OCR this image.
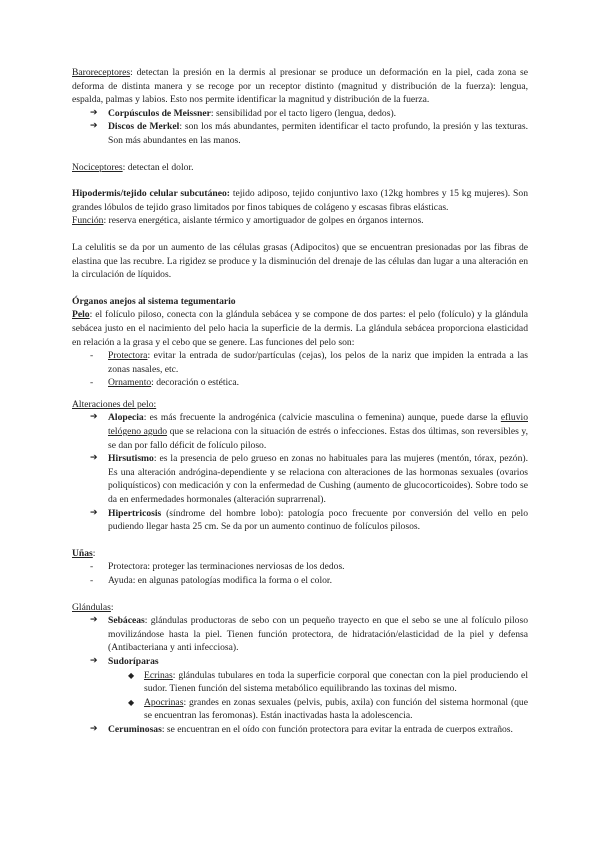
Baroreceptores: detectan la presión en la dermis al presionar se produce un deformación en la piel, cada zona se deforma de distinta manera y se recoge por un receptor distinto (magnitud y distribución de la fuerza): lengua, espalda, palmas y labios. Esto nos permite identificar la magnitud y distribución de la fuerza.

➔ Corpúsculos de Meissner: sensibilidad por el tacto ligero (lengua, dedos).
➔ Discos de Merkel: son los más abundantes, permiten identificar el tacto profundo, la presión y las texturas. Son más abundantes en las manos.

Nociceptores: detectan el dolor.

Hipodermis/tejido celular subcutáneo: tejido adiposo, tejido conjuntivo laxo (12kg hombres y 15 kg mujeres). Son grandes lóbulos de tejido graso limitados por finos tabiques de colágeno y escasas fibras elásticas.

Función: reserva energética, aislante térmico y amortiguador de golpes en órganos internos.

La celulitis se da por un aumento de las células grasas (Adipocitos) que se encuentran presionadas por las fibras de elastina que las recubre. La rigidez se produce y la disminución del drenaje de las células dan lugar a una alteración en la circulación de líquidos.

Órganos anejos al sistema tegumentario

Pelo: el folículo piloso, conecta con la glándula sebácea y se compone de dos partes: el pelo (folículo) y la glándula sebácea justo en el nacimiento del pelo hacia la superficie de la dermis. La glándula sebácea proporciona elasticidad en relación a la grasa y el cebo que se genere. Las funciones del pelo son:

- Protectora: evitar la entrada de sudor/partículas (cejas), los pelos de la nariz que impiden la entrada a las zonas nasales, etc.
- Ornamento: decoración o estética.

Alteraciones del pelo:

➔ Alopecia: es más frecuente la androgénica (calvicie masculina o femenina) aunque, puede darse la efluvio telógeno agudo que se relaciona con la situación de estrés o infecciones. Estas dos últimas, son reversibles y, se dan por fallo déficit de folículo piloso.
➔ Hirsutismo: es la presencia de pelo grueso en zonas no habituales para las mujeres (mentón, tórax, pezón). Es una alteración andrógina-dependiente y se relaciona con alteraciones de las hormonas sexuales (ovarios poliquísticos) con medicación y con la enfermedad de Cushing (aumento de glucocorticoides). Sobre todo se da en enfermedades hormonales (alteración suprarrenal).
➔ Hipertricosis (síndrome del hombre lobo): patología poco frecuente por conversión del vello en pelo pudiendo llegar hasta 25 cm. Se da por un aumento continuo de folículos pilosos.

Uñas:

- Protectora: proteger las terminaciones nerviosas de los dedos.
- Ayuda: en algunas patologías modifica la forma o el color.

Glándulas:

➔ Sebáceas: glándulas productoras de sebo con un pequeño trayecto en que el sebo se une al folículo piloso movilizándose hasta la piel. Tienen función protectora, de hidratación/elasticidad de la piel y defensa (Antibacteriana y anti infecciosa).
➔ Sudoríparas
◆ Ecrinas: glándulas tubulares en toda la superficie corporal que conectan con la piel produciendo el sudor. Tienen función del sistema metabólico equilibrando las toxinas del mismo.
◆ Apocrinas: grandes en zonas sexuales (pelvis, pubis, axila) con función del sistema hormonal (que se encuentran las feromonas). Están inactivadas hasta la adolescencia.
➔ Ceruminosas: se encuentran en el oído con función protectora para evitar la entrada de cuerpos extraños.
